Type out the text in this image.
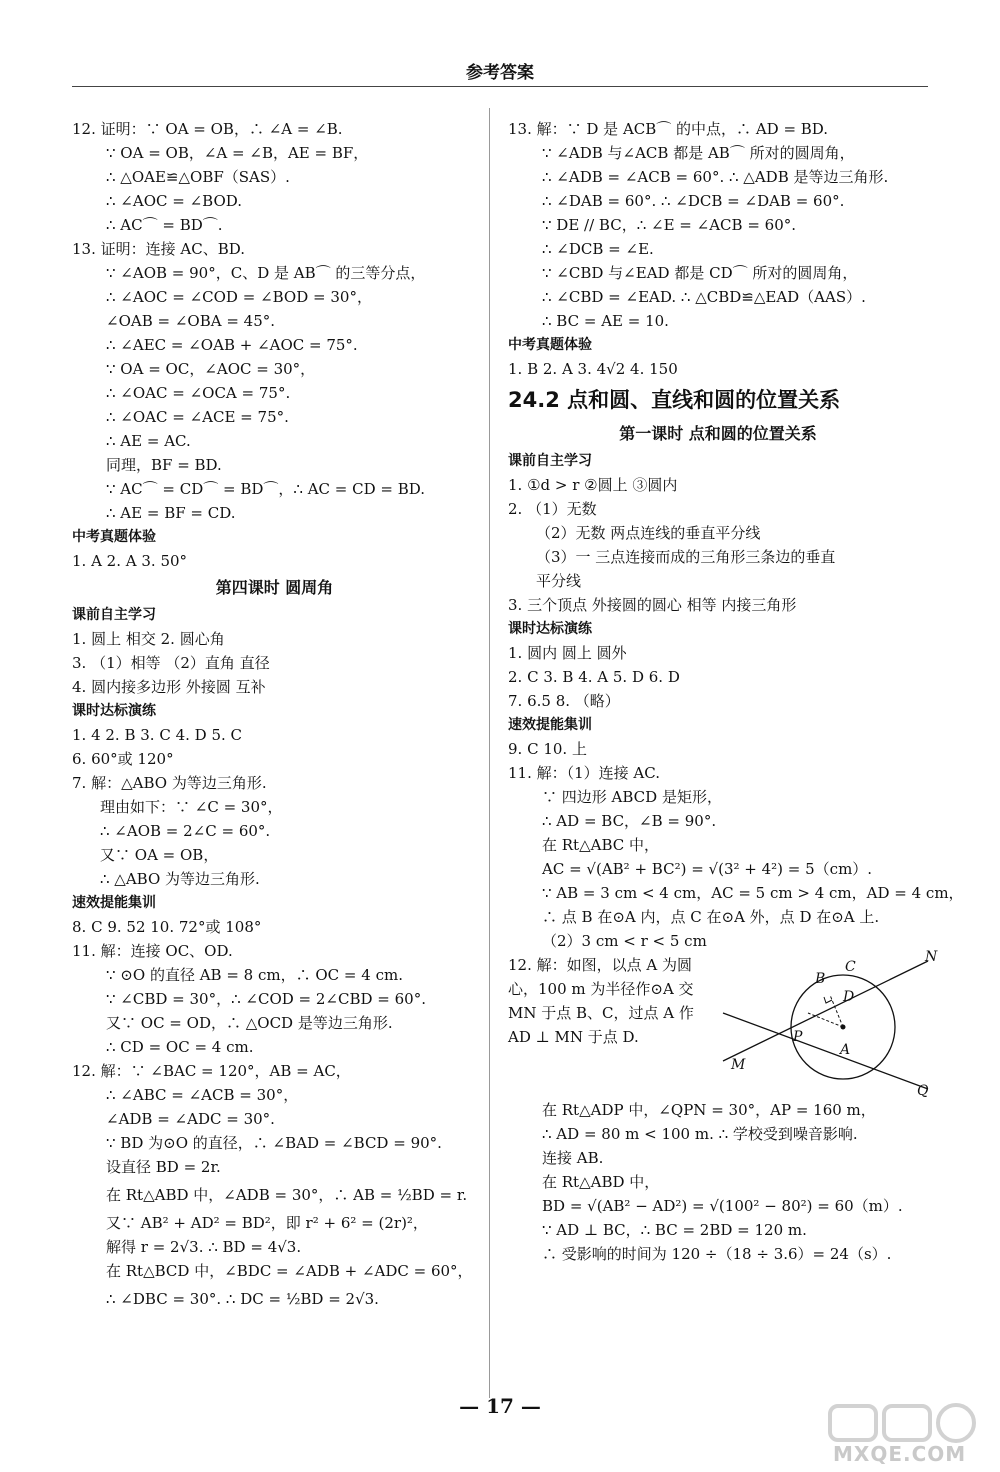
参考答案
12. 证明：∵ OA = OB，∴ ∠A = ∠B.
∵ OA = OB，∠A = ∠B，AE = BF，
∴ △OAE≌△OBF（SAS）.
∴ ∠AOC = ∠BOD.
∴ AC⌒ = BD⌒.
13. 证明：连接 AC、BD.
∵ ∠AOB = 90°，C、D 是 AB⌒ 的三等分点，
∴ ∠AOC = ∠COD = ∠BOD = 30°，
∠OAB = ∠OBA = 45°.
∴ ∠AEC = ∠OAB + ∠AOC = 75°.
∵ OA = OC，∠AOC = 30°，
∴ ∠OAC = ∠OCA = 75°.
∴ ∠OAC = ∠ACE = 75°.
∴ AE = AC.
同理，BF = BD.
∵ AC⌒ = CD⌒ = BD⌒，∴ AC = CD = BD.
∴ AE = BF = CD.
中考真题体验
1. A 2. A 3. 50°
第四课时 圆周角
课前自主学习
1. 圆上 相交 2. 圆心角
3. （1）相等 （2）直角 直径
4. 圆内接多边形 外接圆 互补
课时达标演练
1. 4 2. B 3. C 4. D 5. C
6. 60°或 120°
7. 解：△ABO 为等边三角形.
理由如下：∵ ∠C = 30°，
∴ ∠AOB = 2∠C = 60°.
又∵ OA = OB，
∴ △ABO 为等边三角形.
速效提能集训
8. C 9. 52 10. 72°或 108°
11. 解：连接 OC、OD.
∵ ⊙O 的直径 AB = 8 cm，∴ OC = 4 cm.
∵ ∠CBD = 30°，∴ ∠COD = 2∠CBD = 60°.
又∵ OC = OD，∴ △OCD 是等边三角形.
∴ CD = OC = 4 cm.
12. 解：∵ ∠BAC = 120°，AB = AC，
∴ ∠ABC = ∠ACB = 30°，
∠ADB = ∠ADC = 30°.
∵ BD 为⊙O 的直径，∴ ∠BAD = ∠BCD = 90°.
设直径 BD = 2r.
在 Rt△ABD 中，∠ADB = 30°，∴ AB = ½BD = r.
又∵ AB² + AD² = BD²，即 r² + 6² = (2r)²，
解得 r = 2√3. ∴ BD = 4√3.
在 Rt△BCD 中，∠BDC = ∠ADB + ∠ADC = 60°，
∴ ∠DBC = 30°. ∴ DC = ½BD = 2√3.
13. 解：∵ D 是 ACB⌒ 的中点，∴ AD = BD.
∵ ∠ADB 与∠ACB 都是 AB⌒ 所对的圆周角，
∴ ∠ADB = ∠ACB = 60°. ∴ △ADB 是等边三角形.
∴ ∠DAB = 60°. ∴ ∠DCB = ∠DAB = 60°.
∵ DE // BC，∴ ∠E = ∠ACB = 60°.
∴ ∠DCB = ∠E.
∵ ∠CBD 与∠EAD 都是 CD⌒ 所对的圆周角，
∴ ∠CBD = ∠EAD. ∴ △CBD≌△EAD（AAS）.
∴ BC = AE = 10.
中考真题体验
1. B 2. A 3. 4√2 4. 150
24.2 点和圆、直线和圆的位置关系
第一课时 点和圆的位置关系
课前自主学习
1. ①d > r ②圆上 ③圆内
2. （1）无数
（2）无数 两点连线的垂直平分线
（3）一 三点连接而成的三角形三条边的垂直
平分线
3. 三个顶点 外接圆的圆心 相等 内接三角形
课时达标演练
1. 圆内 圆上 圆外
2. C 3. B 4. A 5. D 6. D
7. 6.5 8. （略）
速效提能集训
9. C 10. 上
11. 解：（1）连接 AC.
∵ 四边形 ABCD 是矩形，
∴ AD = BC，∠B = 90°.
在 Rt△ABC 中，
AC = √(AB² + BC²) = √(3² + 4²) = 5（cm）.
∵ AB = 3 cm < 4 cm，AC = 5 cm > 4 cm，AD = 4 cm，
∴ 点 B 在⊙A 内，点 C 在⊙A 外，点 D 在⊙A 上.
（2）3 cm < r < 5 cm
12. 解：如图，以点 A 为圆心，100 m 为半径作⊙A 交 MN 于点 B、C，过点 A 作 AD ⊥ MN 于点 D.
N
C
B
D
P
M
A
Q
在 Rt△ADP 中，∠QPN = 30°，AP = 160 m，
∴ AD = 80 m < 100 m. ∴ 学校受到噪音影响.
连接 AB.
在 Rt△ABD 中，
BD = √(AB² − AD²) = √(100² − 80²) = 60（m）.
∵ AD ⊥ BC，∴ BC = 2BD = 120 m.
∴ 受影响的时间为 120 ÷（18 ÷ 3.6）= 24（s）.
— 17 —
MXQE.COM
